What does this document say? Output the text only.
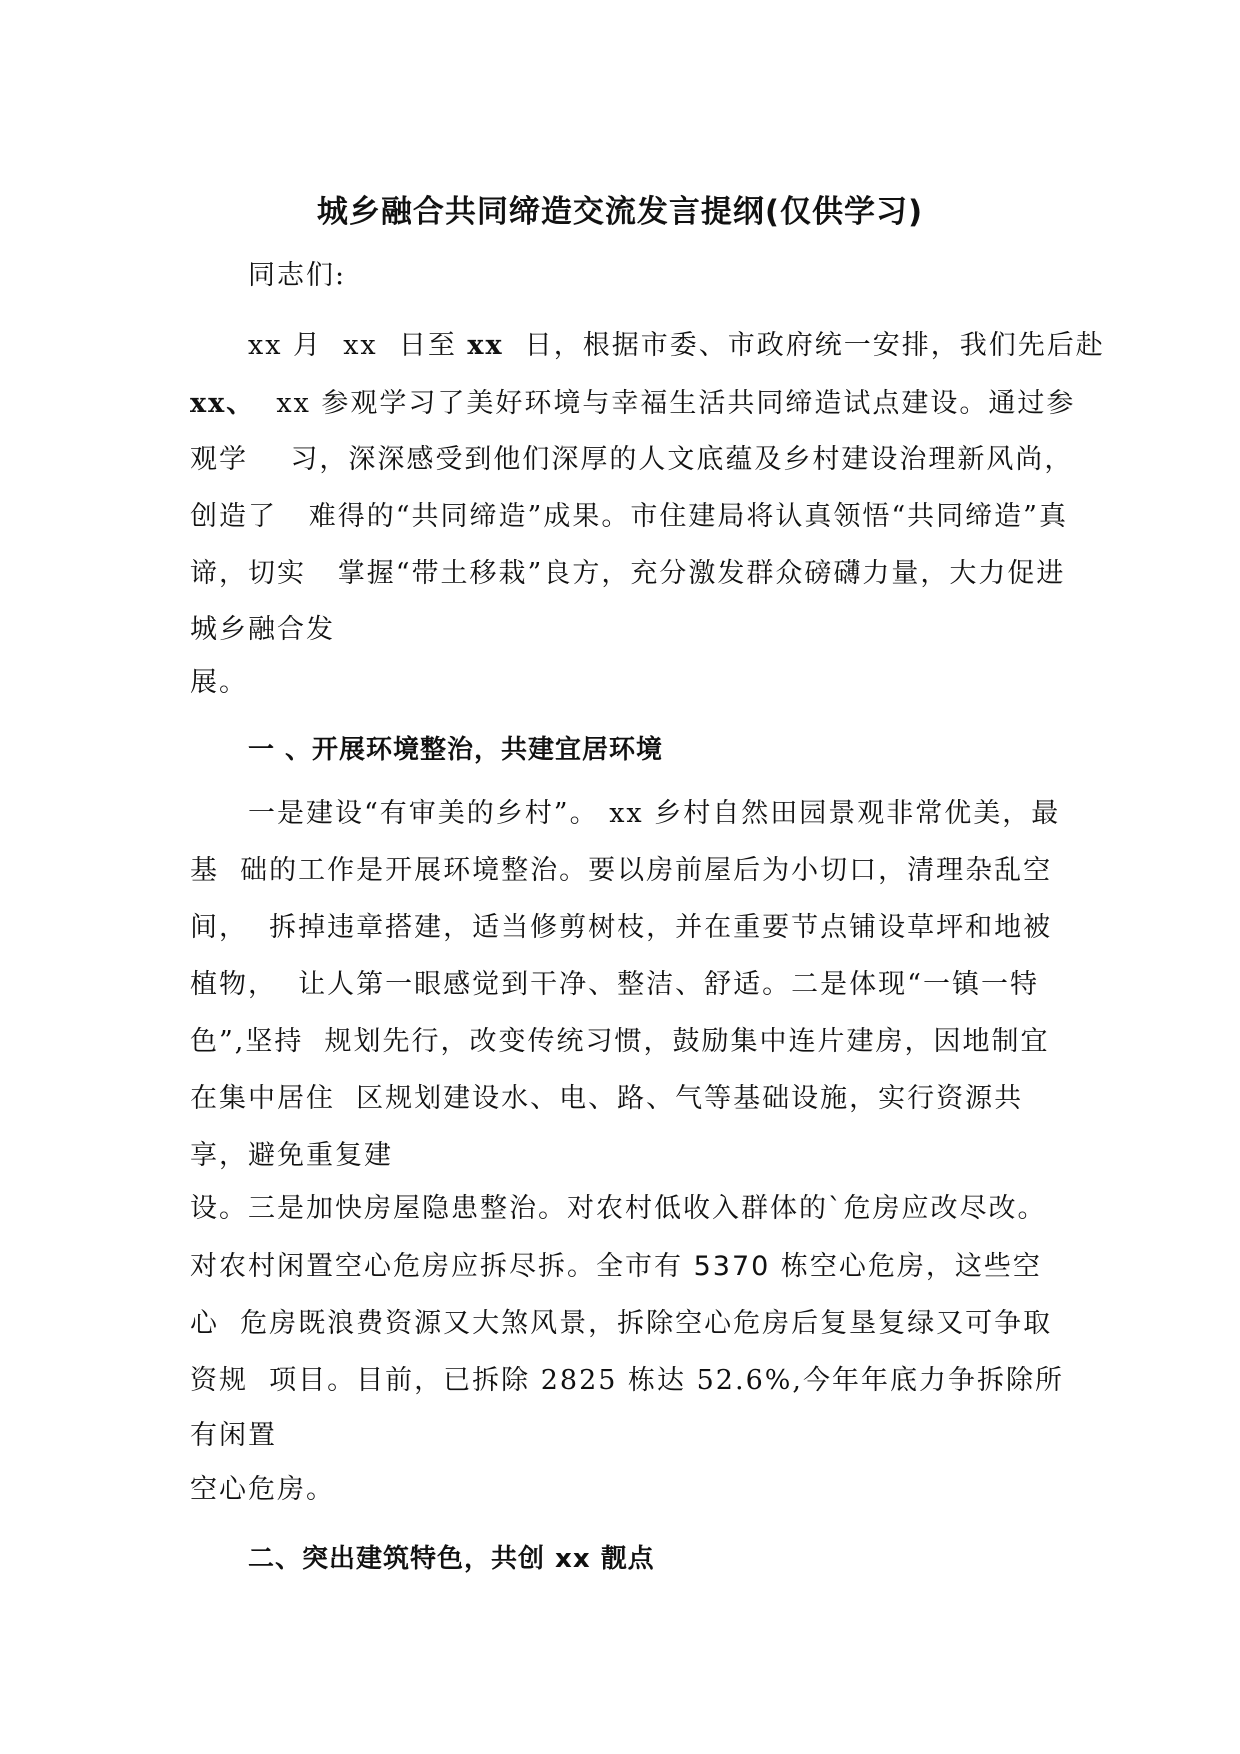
城乡融合共同缔造交流发言提纲(仅供学习)
同志们:
xx 月  xx  日至 xx  日，根据市委、市政府统一安排，我们先后赴
xx、  xx 参观学习了美好环境与幸福生活共同缔造试点建设。通过参
观学    习，深深感受到他们深厚的人文底蕴及乡村建设治理新风尚，
创造了   难得的“共同缔造”成果。市住建局将认真领悟“共同缔造”真
谛，切实   掌握“带土移栽”良方，充分激发群众磅礴力量，大力促进
城乡融合发
展。
一 、开展环境整治，共建宜居环境
一是建设“有审美的乡村”。 xx 乡村自然田园景观非常优美，最
基  础的工作是开展环境整治。要以房前屋后为小切口，清理杂乱空
间，  拆掉违章搭建，适当修剪树枝，并在重要节点铺设草坪和地被
植物，  让人第一眼感觉到干净、整洁、舒适。二是体现“一镇一特
色”,坚持  规划先行，改变传统习惯，鼓励集中连片建房，因地制宜
在集中居住  区规划建设水、电、路、气等基础设施，实行资源共
享，避免重复建
设。三是加快房屋隐患整治。对农村低收入群体的`危房应改尽改。
对农村闲置空心危房应拆尽拆。全市有 5370 栋空心危房，这些空
心  危房既浪费资源又大煞风景，拆除空心危房后复垦复绿又可争取
资规  项目。目前，已拆除 2825 栋达 52.6%,今年年底力争拆除所
有闲置
空心危房。
二、突出建筑特色，共创 xx 靓点
